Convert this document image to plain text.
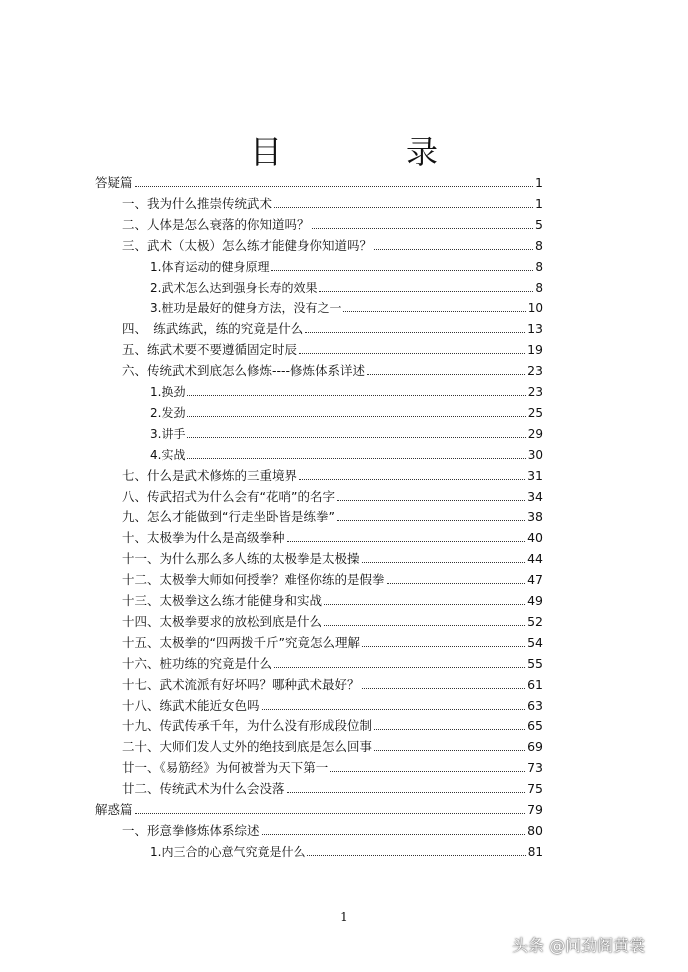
目　录
答疑篇	1
一、我为什么推崇传统武术	1
二、人体是怎么衰落的你知道吗？	5
三、武术（太极）怎么练才能健身你知道吗？	8
1.体育运动的健身原理	8
2.武术怎么达到强身长寿的效果	8
3.桩功是最好的健身方法，没有之一	10
四、　练武练武，练的究竟是什么	13
五、练武术要不要遵循固定时辰	19
六、传统武术到底怎么修炼----修炼体系详述	23
1.换劲	23
2.发劲	25
3.讲手	29
4.实战	30
七、什么是武术修炼的三重境界	31
八、传武招式为什么会有“花哨”的名字	34
九、怎么才能做到“行走坐卧皆是练拳”	38
十、太极拳为什么是高级拳种	40
十一、为什么那么多人练的太极拳是太极操	44
十二、太极拳大师如何授拳？难怪你练的是假拳	47
十三、太极拳这么练才能健身和实战	49
十四、太极拳要求的放松到底是什么	52
十五、太极拳的“四两拨千斤”究竟怎么理解	54
十六、桩功练的究竟是什么	55
十七、武术流派有好坏吗？哪种武术最好？	61
十八、练武术能近女色吗	63
十九、传武传承千年，为什么没有形成段位制	65
二十、大师们发人丈外的绝技到底是怎么回事	69
廿一、《易筋经》为何被誉为天下第一	73
廿二、传统武术为什么会没落	75
解惑篇	79
一、形意拳修炼体系综述	80
1.内三合的心意气究竟是什么	81
1
头条 @问劲阁黄裳
